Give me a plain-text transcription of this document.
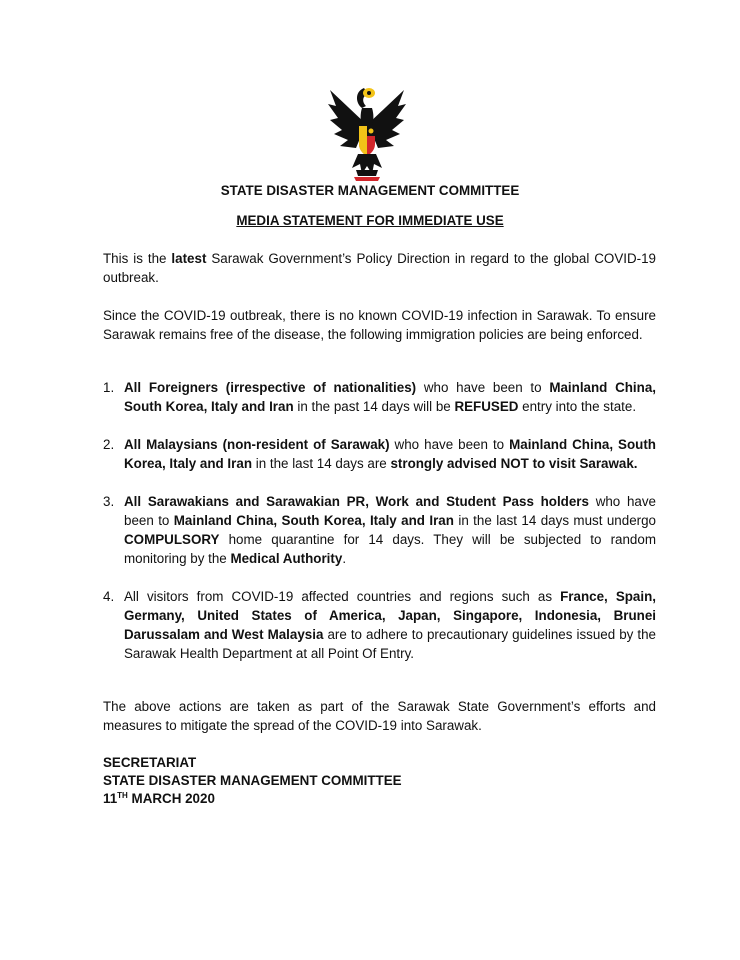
STATE DISASTER MANAGEMENT COMMITTEE
MEDIA STATEMENT FOR IMMEDIATE USE
This is the latest Sarawak Government’s Policy Direction in regard to the global COVID-19 outbreak.
Since the COVID-19 outbreak, there is no known COVID-19 infection in Sarawak. To ensure Sarawak remains free of the disease, the following immigration policies are being enforced.
1. All Foreigners (irrespective of nationalities) who have been to Mainland China, South Korea, Italy and Iran in the past 14 days will be REFUSED entry into the state.
2. All Malaysians (non-resident of Sarawak) who have been to Mainland China, South Korea, Italy and Iran in the last 14 days are strongly advised NOT to visit Sarawak.
3. All Sarawakians and Sarawakian PR, Work and Student Pass holders who have been to Mainland China, South Korea, Italy and Iran in the last 14 days must undergo COMPULSORY home quarantine for 14 days. They will be subjected to random monitoring by the Medical Authority.
4. All visitors from COVID-19 affected countries and regions such as France, Spain, Germany, United States of America, Japan, Singapore, Indonesia, Brunei Darussalam and West Malaysia are to adhere to precautionary guidelines issued by the Sarawak Health Department at all Point Of Entry.
The above actions are taken as part of the Sarawak State Government’s efforts and measures to mitigate the spread of the COVID-19 into Sarawak.
SECRETARIAT
STATE DISASTER MANAGEMENT COMMITTEE
11TH MARCH 2020
